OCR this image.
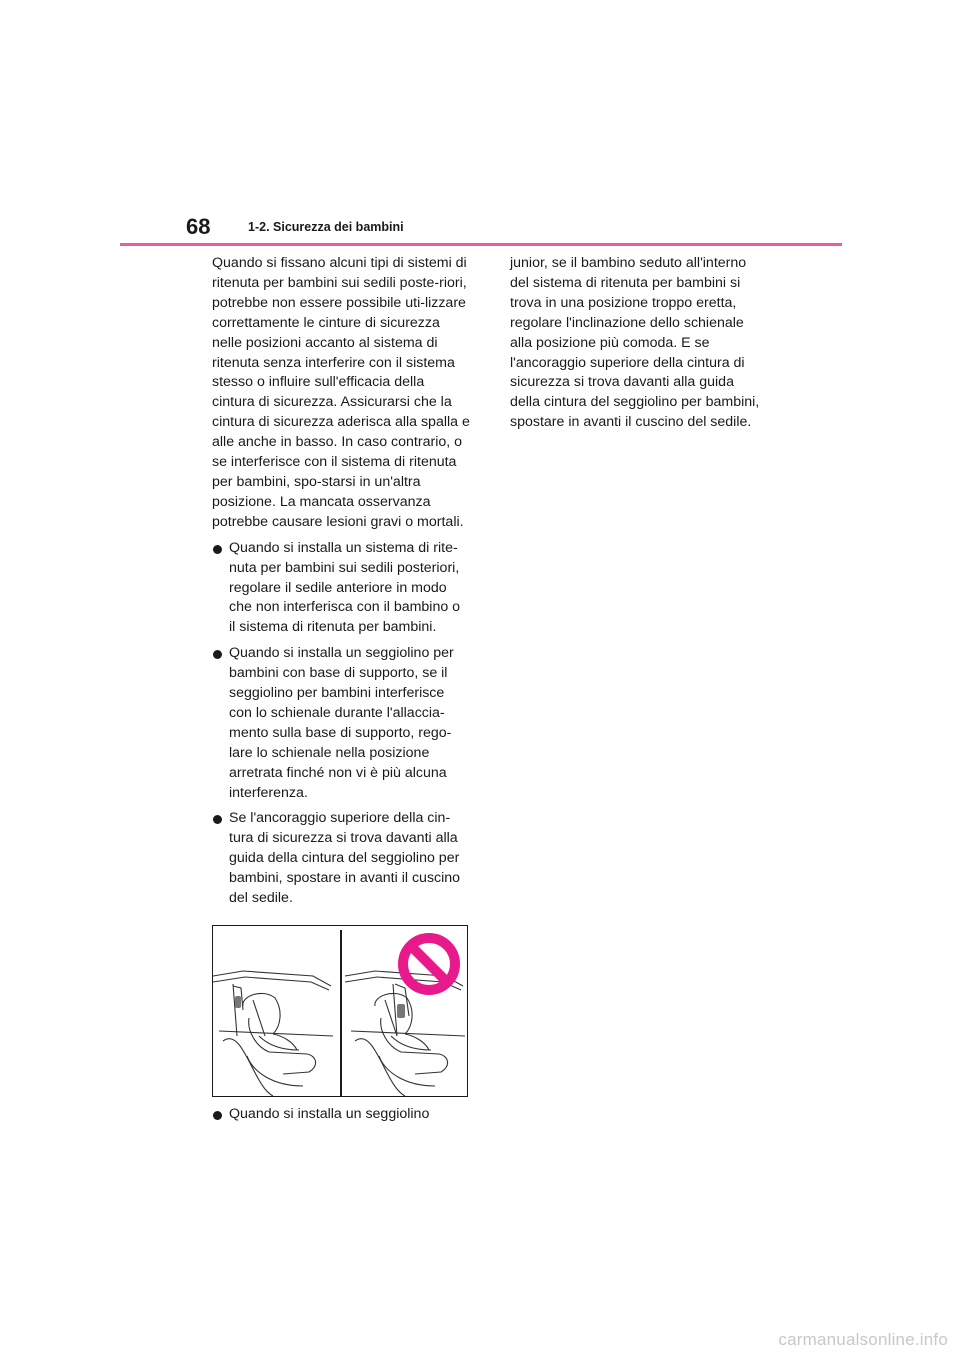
68	1-2. Sicurezza dei bambini

Quando si fissano alcuni tipi di sistemi di ritenuta per bambini sui sedili poste-riori, potrebbe non essere possibile uti-lizzare correttamente le cinture di sicurezza nelle posizioni accanto al sistema di ritenuta senza interferire con il sistema stesso o influire sull'efficacia della cintura di sicurezza. Assicurarsi che la cintura di sicurezza aderisca alla spalla e alle anche in basso. In caso contrario, o se interferisce con il sistema di ritenuta per bambini, spo-starsi in un'altra posizione. La mancata osservanza potrebbe causare lesioni gravi o mortali.

Quando si installa un sistema di rite-nuta per bambini sui sedili posteriori, regolare il sedile anteriore in modo che non interferisca con il bambino o il sistema di ritenuta per bambini.
Quando si installa un seggiolino per bambini con base di supporto, se il seggiolino per bambini interferisce con lo schienale durante l'allaccia-mento sulla base di supporto, rego-lare lo schienale nella posizione arretrata finché non vi è più alcuna interferenza.
Se l'ancoraggio superiore della cin-tura di sicurezza si trova davanti alla guida della cintura del seggiolino per bambini, spostare in avanti il cuscino del sedile.
Quando si installa un seggiolino

junior, se il bambino seduto all'interno del sistema di ritenuta per bambini si trova in una posizione troppo eretta, regolare l'inclinazione dello schienale alla posizione più comoda. E se l'ancoraggio superiore della cintura di sicurezza si trova davanti alla guida della cintura del seggiolino per bambini, spostare in avanti il cuscino del sedile.

carmanualsonline.info
